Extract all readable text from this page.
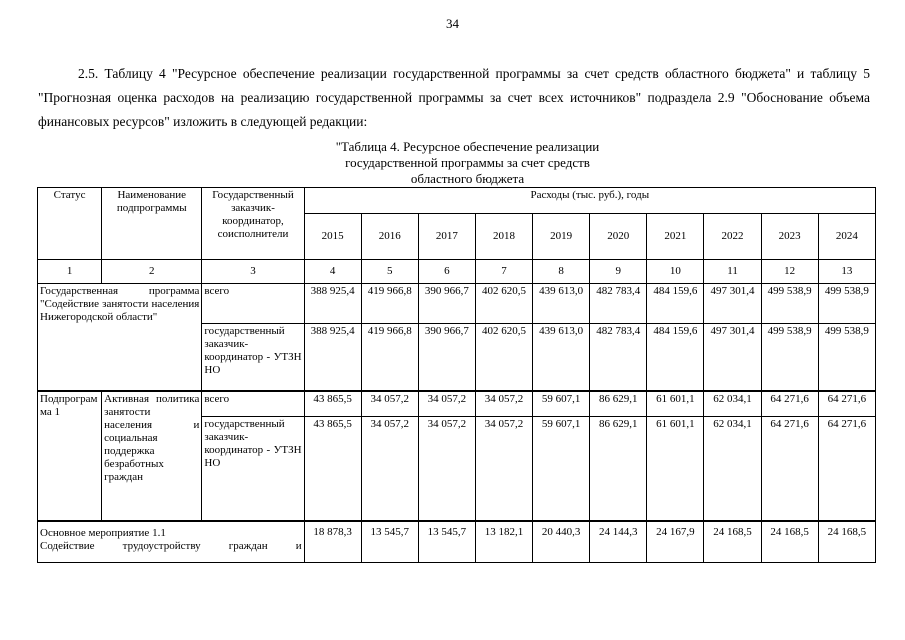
34

2.5. Таблицу 4 "Ресурсное обеспечение реализации государственной программы за счет средств областного бюджета" и таблицу 5 "Прогнозная оценка расходов на реализацию государственной программы за счет всех источников" подраздела 2.9 "Обоснование объема финансовых ресурсов" изложить в следующей редакции:

"Таблица 4. Ресурсное обеспечение реализации
государственной программы за счет средств
областного бюджета
Статус	Наименование подпрограммы	Государственный заказчик-координатор, соисполнители	Расходы (тыс. руб.), годы									
			2015	2016	2017	2018	2019	2020	2021	2022	2023	2024
1	2	3	4	5	6	7	8	9	10	11	12	13
Государственная программа "Содействие занятости населения Нижегородской области"		всего	388 925,4	419 966,8	390 966,7	402 620,5	439 613,0	482 783,4	484 159,6	497 301,4	499 538,9	499 538,9
		государственный заказчик-координатор - УТЗН НО	388 925,4	419 966,8	390 966,7	402 620,5	439 613,0	482 783,4	484 159,6	497 301,4	499 538,9	499 538,9
Подпрограмма 1	Активная политика занятости населения и социальная поддержка безработных граждан	всего	43 865,5	34 057,2	34 057,2	34 057,2	59 607,1	86 629,1	61 601,1	62 034,1	64 271,6	64 271,6
		государственный заказчик-координатор - УТЗН НО	43 865,5	34 057,2	34 057,2	34 057,2	59 607,1	86 629,1	61 601,1	62 034,1	64 271,6	64 271,6

Основное мероприятие 1.1
Содействие трудоустройству граждан и			18 878,3	13 545,7	13 545,7	13 182,1	20 440,3	24 144,3	24 167,9	24 168,5	24 168,5	24 168,5
